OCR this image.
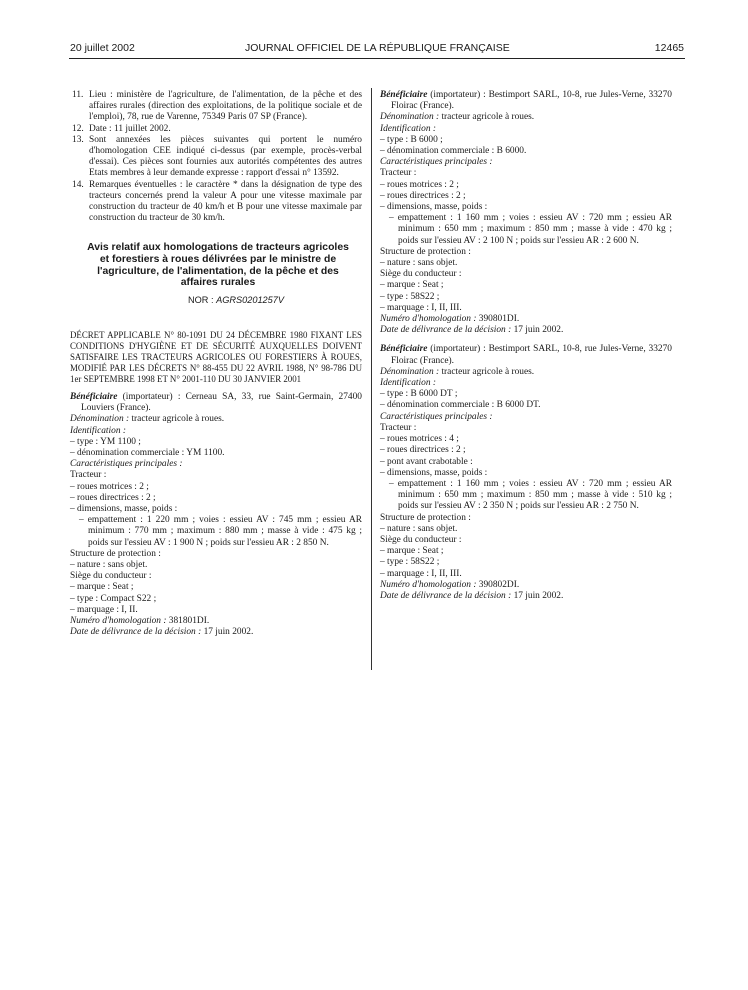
20 juillet 2002	JOURNAL OFFICIEL DE LA RÉPUBLIQUE FRANÇAISE	12465
11. Lieu : ministère de l'agriculture, de l'alimentation, de la pêche et des affaires rurales (direction des exploitations, de la politique sociale et de l'emploi), 78, rue de Varenne, 75349 Paris 07 SP (France).
12. Date : 11 juillet 2002.
13. Sont annexées les pièces suivantes qui portent le numéro d'homologation CEE indiqué ci-dessus (par exemple, procès-verbal d'essai). Ces pièces sont fournies aux autorités compétentes des autres Etats membres à leur demande expresse : rapport d'essai n° 13592.
14. Remarques éventuelles : le caractère * dans la désignation de type des tracteurs concernés prend la valeur A pour une vitesse maximale par construction du tracteur de 40 km/h et B pour une vitesse maximale par construction du tracteur de 30 km/h.
Avis relatif aux homologations de tracteurs agricoles et forestiers à roues délivrées par le ministre de l'agriculture, de l'alimentation, de la pêche et des affaires rurales
NOR : AGRS0201257V

DÉCRET APPLICABLE N° 80-1091 DU 24 DÉCEMBRE 1980 FIXANT LES CONDITIONS D'HYGIÈNE ET DE SÉCURITÉ AUXQUELLES DOIVENT SATISFAIRE LES TRACTEURS AGRICOLES OU FORESTIERS À ROUES, MODIFIÉ PAR LES DÉCRETS N° 88-455 DU 22 AVRIL 1988, N° 98-786 DU 1er SEPTEMBRE 1998 ET N° 2001-110 DU 30 JANVIER 2001

Bénéficiaire (importateur) : Cerneau SA, 33, rue Saint-Germain, 27400 Louviers (France).

Dénomination : tracteur agricole à roues.

Identification :

– type : YM 1100 ;

– dénomination commerciale : YM 1100.

Caractéristiques principales :

Tracteur :

– roues motrices : 2 ;

– roues directrices : 2 ;

– dimensions, masse, poids :

– empattement : 1 220 mm ; voies : essieu AV : 745 mm ; essieu AR minimum : 770 mm ; maximum : 880 mm ; masse à vide : 475 kg ; poids sur l'essieu AV : 1 900 N ; poids sur l'essieu AR : 2 850 N.

Structure de protection :

– nature : sans objet.

Siège du conducteur :

– marque : Seat ;

– type : Compact S22 ;

– marquage : I, II.

Numéro d'homologation : 381801DI.

Date de délivrance de la décision : 17 juin 2002.

Bénéficiaire (importateur) : Bestimport SARL, 10-8, rue Jules-Verne, 33270 Floirac (France).

Dénomination : tracteur agricole à roues.

Identification :

– type : B 6000 ;

– dénomination commerciale : B 6000.

Caractéristiques principales :

Tracteur :

– roues motrices : 2 ;

– roues directrices : 2 ;

– dimensions, masse, poids :

– empattement : 1 160 mm ; voies : essieu AV : 720 mm ; essieu AR minimum : 650 mm ; maximum : 850 mm ; masse à vide : 470 kg ; poids sur l'essieu AV : 2 100 N ; poids sur l'essieu AR : 2 600 N.

Structure de protection :

– nature : sans objet.

Siège du conducteur :

– marque : Seat ;

– type : 58S22 ;

– marquage : I, II, III.

Numéro d'homologation : 390801DI.

Date de délivrance de la décision : 17 juin 2002.

Bénéficiaire (importateur) : Bestimport SARL, 10-8, rue Jules-Verne, 33270 Floirac (France).

Dénomination : tracteur agricole à roues.

Identification :

– type : B 6000 DT ;

– dénomination commerciale : B 6000 DT.

Caractéristiques principales :

Tracteur :

– roues motrices : 4 ;

– roues directrices : 2 ;

– pont avant crabotable :

– dimensions, masse, poids :

– empattement : 1 160 mm ; voies : essieu AV : 720 mm ; essieu AR minimum : 650 mm ; maximum : 850 mm ; masse à vide : 510 kg ; poids sur l'essieu AV : 2 350 N ; poids sur l'essieu AR : 2 750 N.

Structure de protection :

– nature : sans objet.

Siège du conducteur :

– marque : Seat ;

– type : 58S22 ;

– marquage : I, II, III.

Numéro d'homologation : 390802DI.

Date de délivrance de la décision : 17 juin 2002.
